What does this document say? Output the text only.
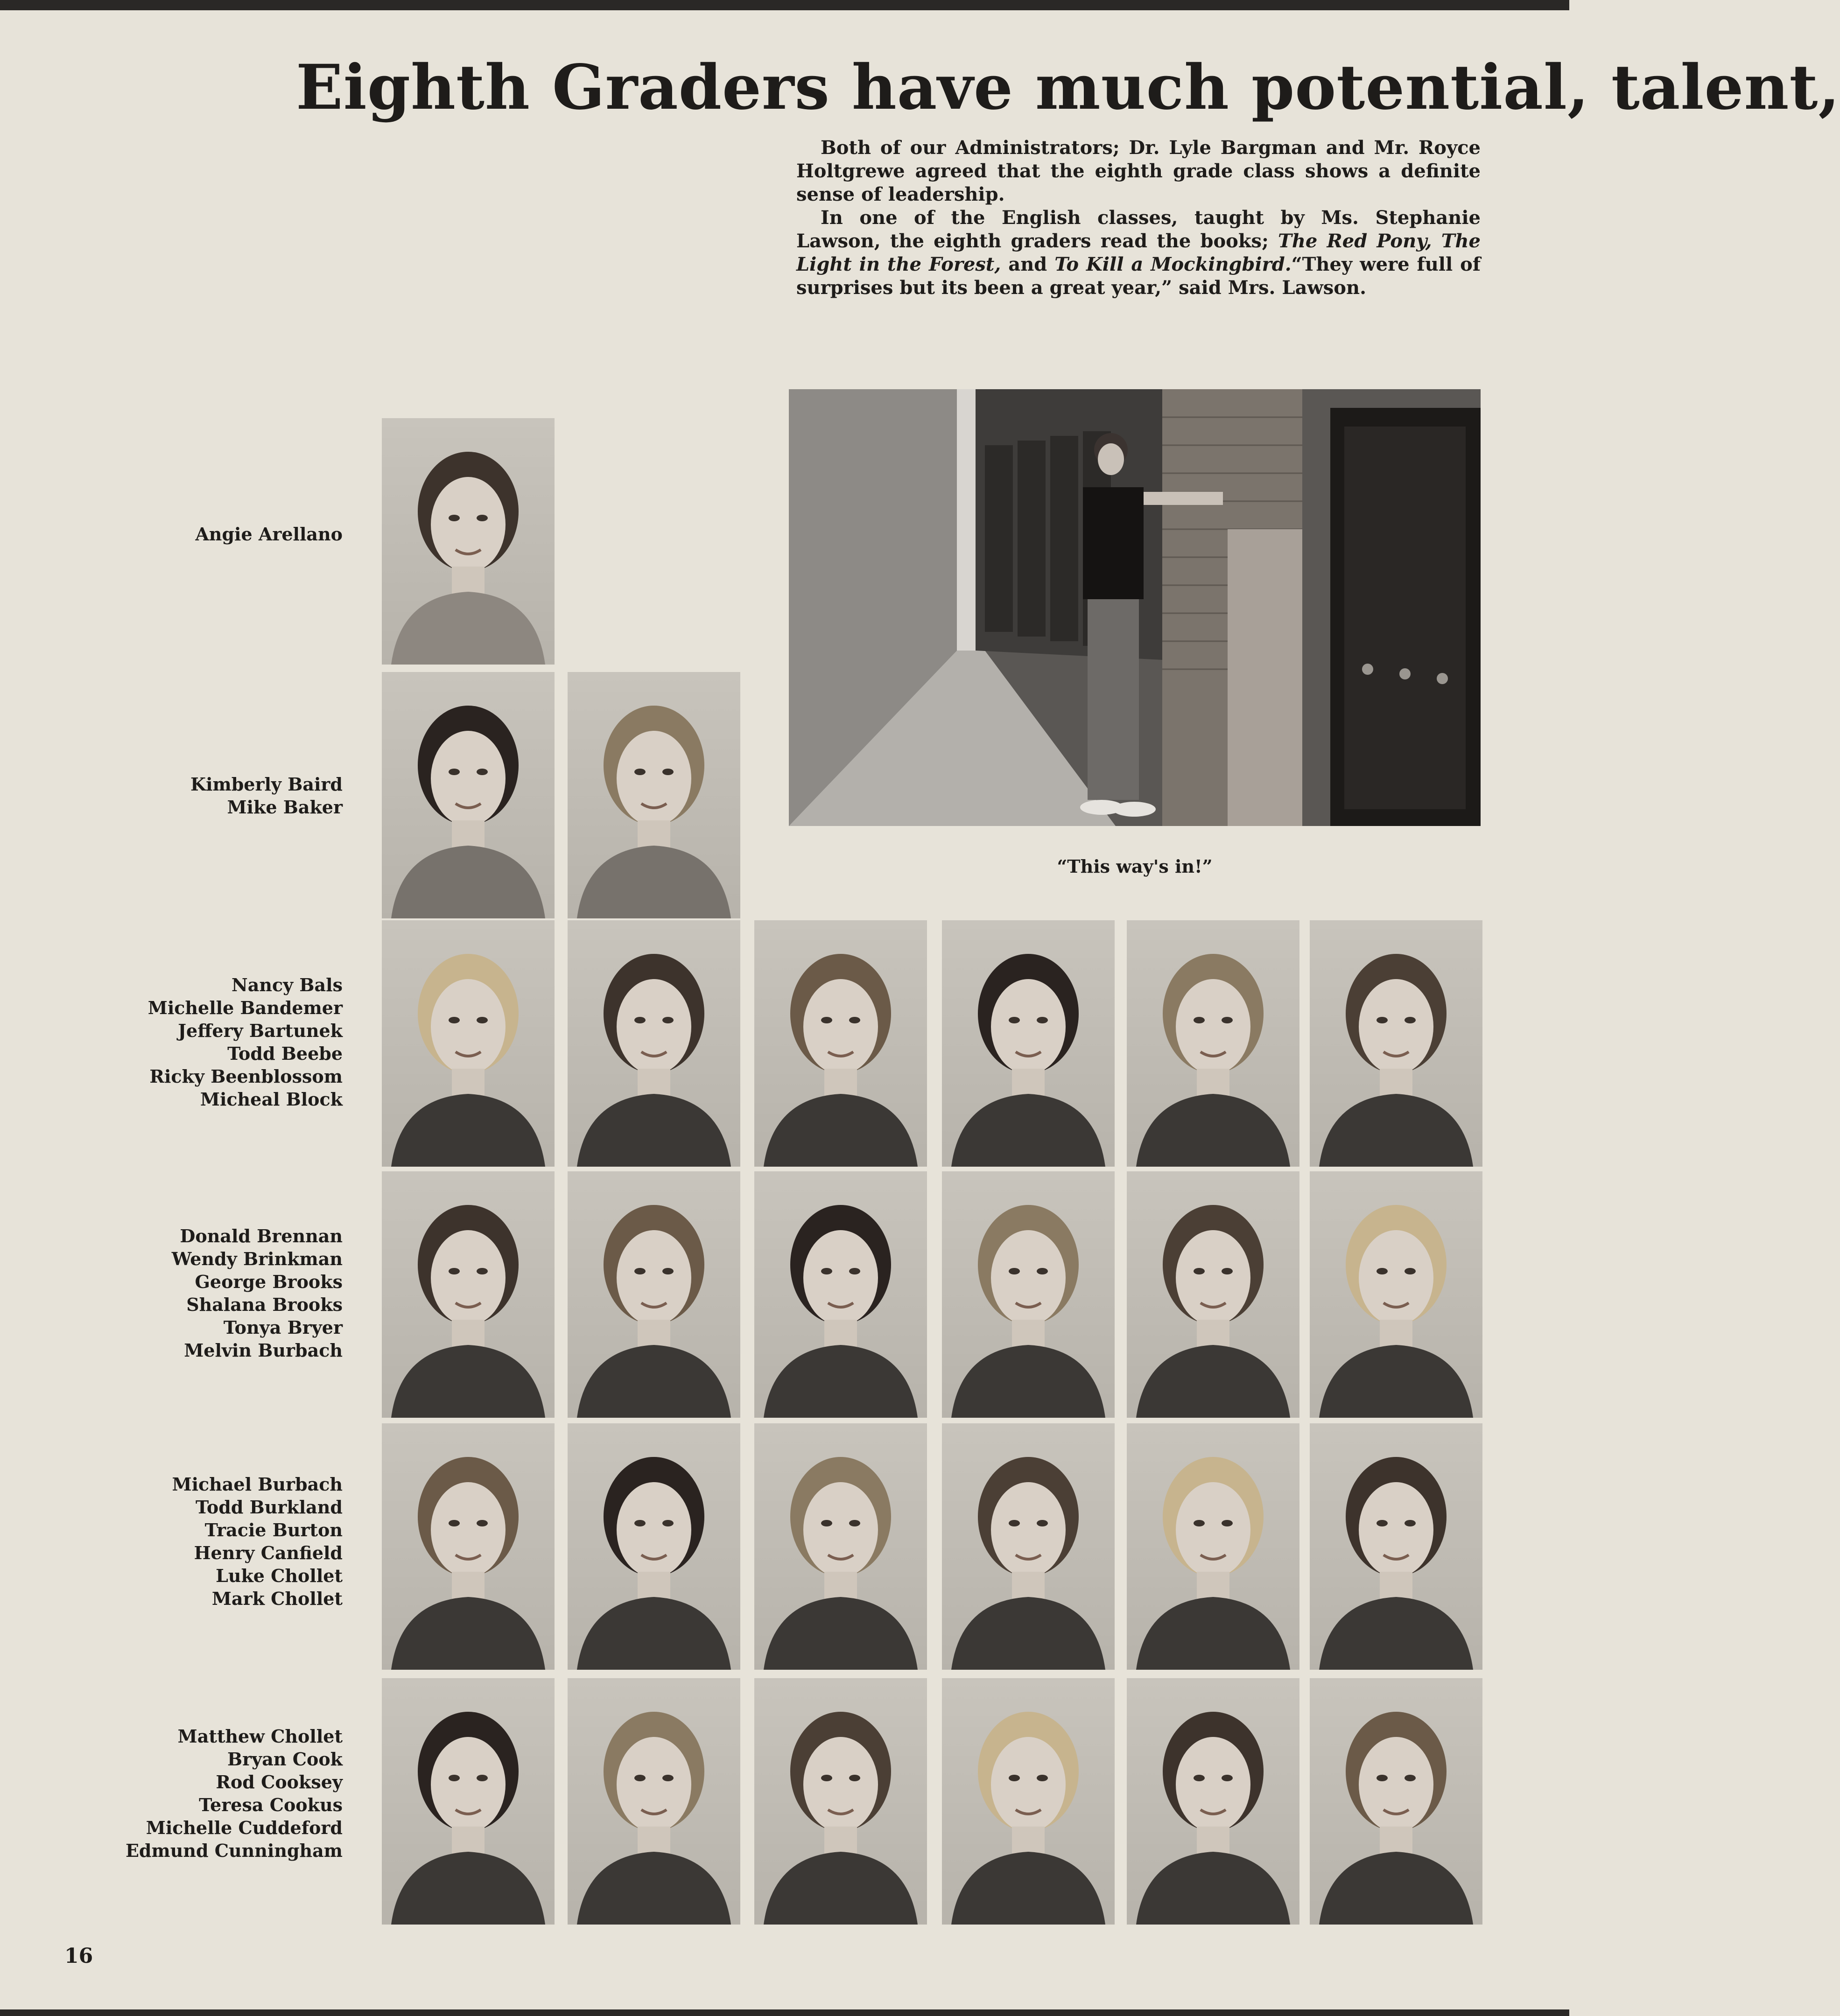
Eighth Graders have much potential, talent,

Both of our Administrators; Dr. Lyle Bargman and Mr. Royce Holtgrewe agreed that the eighth grade class shows a definite sense of leadership.

In one of the English classes, taught by Ms. Stephanie Lawson, the eighth graders read the books; The Red Pony, The Light in the Forest, and To Kill a Mockingbird.“They were full of surprises but its been a great year,” said Mrs. Lawson.

“This way's in!”
Angie Arellano
Kimberly Baird
Mike Baker
Nancy Bals
Michelle Bandemer
Jeffery Bartunek
Todd Beebe
Ricky Beenblossom
Micheal Block
Donald Brennan
Wendy Brinkman
George Brooks
Shalana Brooks
Tonya Bryer
Melvin Burbach
Michael Burbach
Todd Burkland
Tracie Burton
Henry Canfield
Luke Chollet
Mark Chollet
Matthew Chollet
Bryan Cook
Rod Cooksey
Teresa Cookus
Michelle Cuddeford
Edmund Cunningham
16
